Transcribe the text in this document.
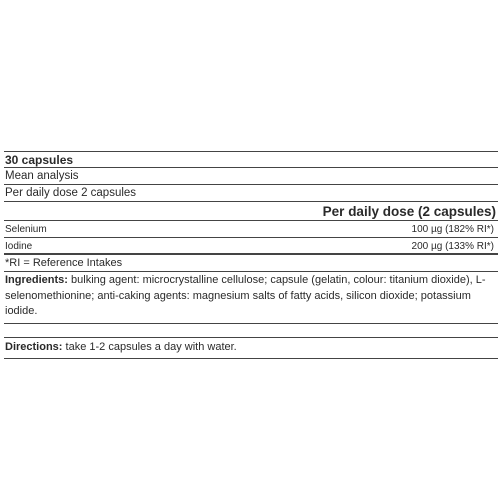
30 capsules
Mean analysis
Per daily dose 2 capsules
Per daily dose (2 capsules)
Selenium	100 µg (182% RI*)
Iodine	200 µg (133% RI*)
*RI = Reference Intakes
Ingredients: bulking agent: microcrystalline cellulose; capsule (gelatin, colour: titanium dioxide), L-selenomethionine; anti-caking agents: magnesium salts of fatty acids, silicon dioxide; potassium iodide.
Directions: take 1-2 capsules a day with water.
